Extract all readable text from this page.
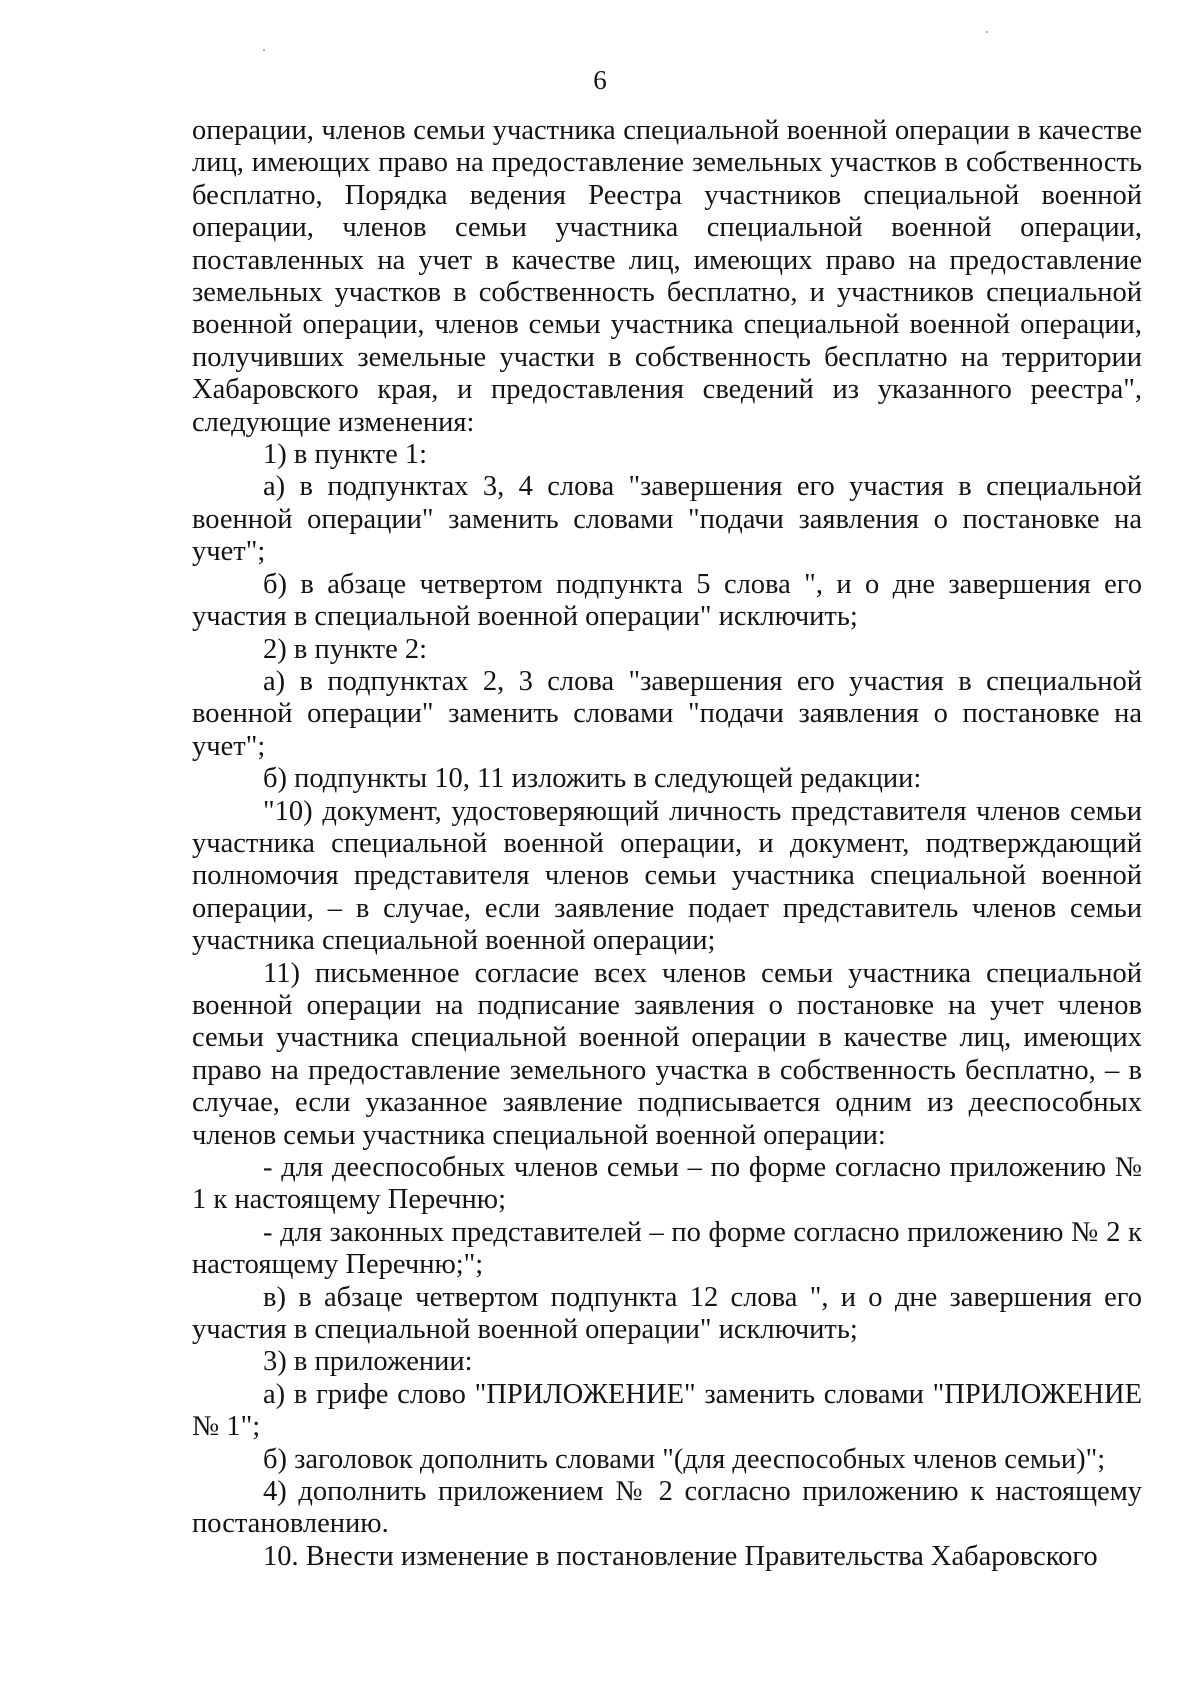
6

операции, членов семьи участника специальной военной операции в качестве лиц, имеющих право на предоставление земельных участков в собственность бесплатно, Порядка ведения Реестра участников специальной военной операции, членов семьи участника специальной военной операции, поставленных на учет в качестве лиц, имеющих право на предоставление земельных участков в собственность бесплатно, и участников специальной военной операции, членов семьи участника специальной военной операции, получивших земельные участки в собственность бесплатно на территории Хабаровского края, и предоставления сведений из указанного реестра", следующие изменения:

1) в пункте 1:

а) в подпунктах 3, 4 слова "завершения его участия в специальной военной операции" заменить словами "подачи заявления о постановке на учет";

б) в абзаце четвертом подпункта 5 слова ", и о дне завершения его участия в специальной военной операции" исключить;

2) в пункте 2:

а) в подпунктах 2, 3 слова "завершения его участия в специальной военной операции" заменить словами "подачи заявления о постановке на учет";

б) подпункты 10, 11 изложить в следующей редакции:

"10) документ, удостоверяющий личность представителя членов семьи участника специальной военной операции, и документ, подтверждающий полномочия представителя членов семьи участника специальной военной операции, – в случае, если заявление подает представитель членов семьи участника специальной военной операции;

11) письменное согласие всех членов семьи участника специальной военной операции на подписание заявления о постановке на учет членов семьи участника специальной военной операции в качестве лиц, имеющих право на предоставление земельного участка в собственность бесплатно, – в случае, если указанное заявление подписывается одним из дееспособных членов семьи участника специальной военной операции:

- для дееспособных членов семьи – по форме согласно приложению № 1 к настоящему Перечню;

- для законных представителей – по форме согласно приложению № 2 к настоящему Перечню;";

в) в абзаце четвертом подпункта 12 слова ", и о дне завершения его участия в специальной военной операции" исключить;

3) в приложении:

а) в грифе слово "ПРИЛОЖЕНИЕ" заменить словами "ПРИЛОЖЕНИЕ № 1";

б) заголовок дополнить словами "(для дееспособных членов семьи)";

4) дополнить приложением № 2 согласно приложению к настоящему постановлению.

10. Внести изменение в постановление Правительства Хабаровского
